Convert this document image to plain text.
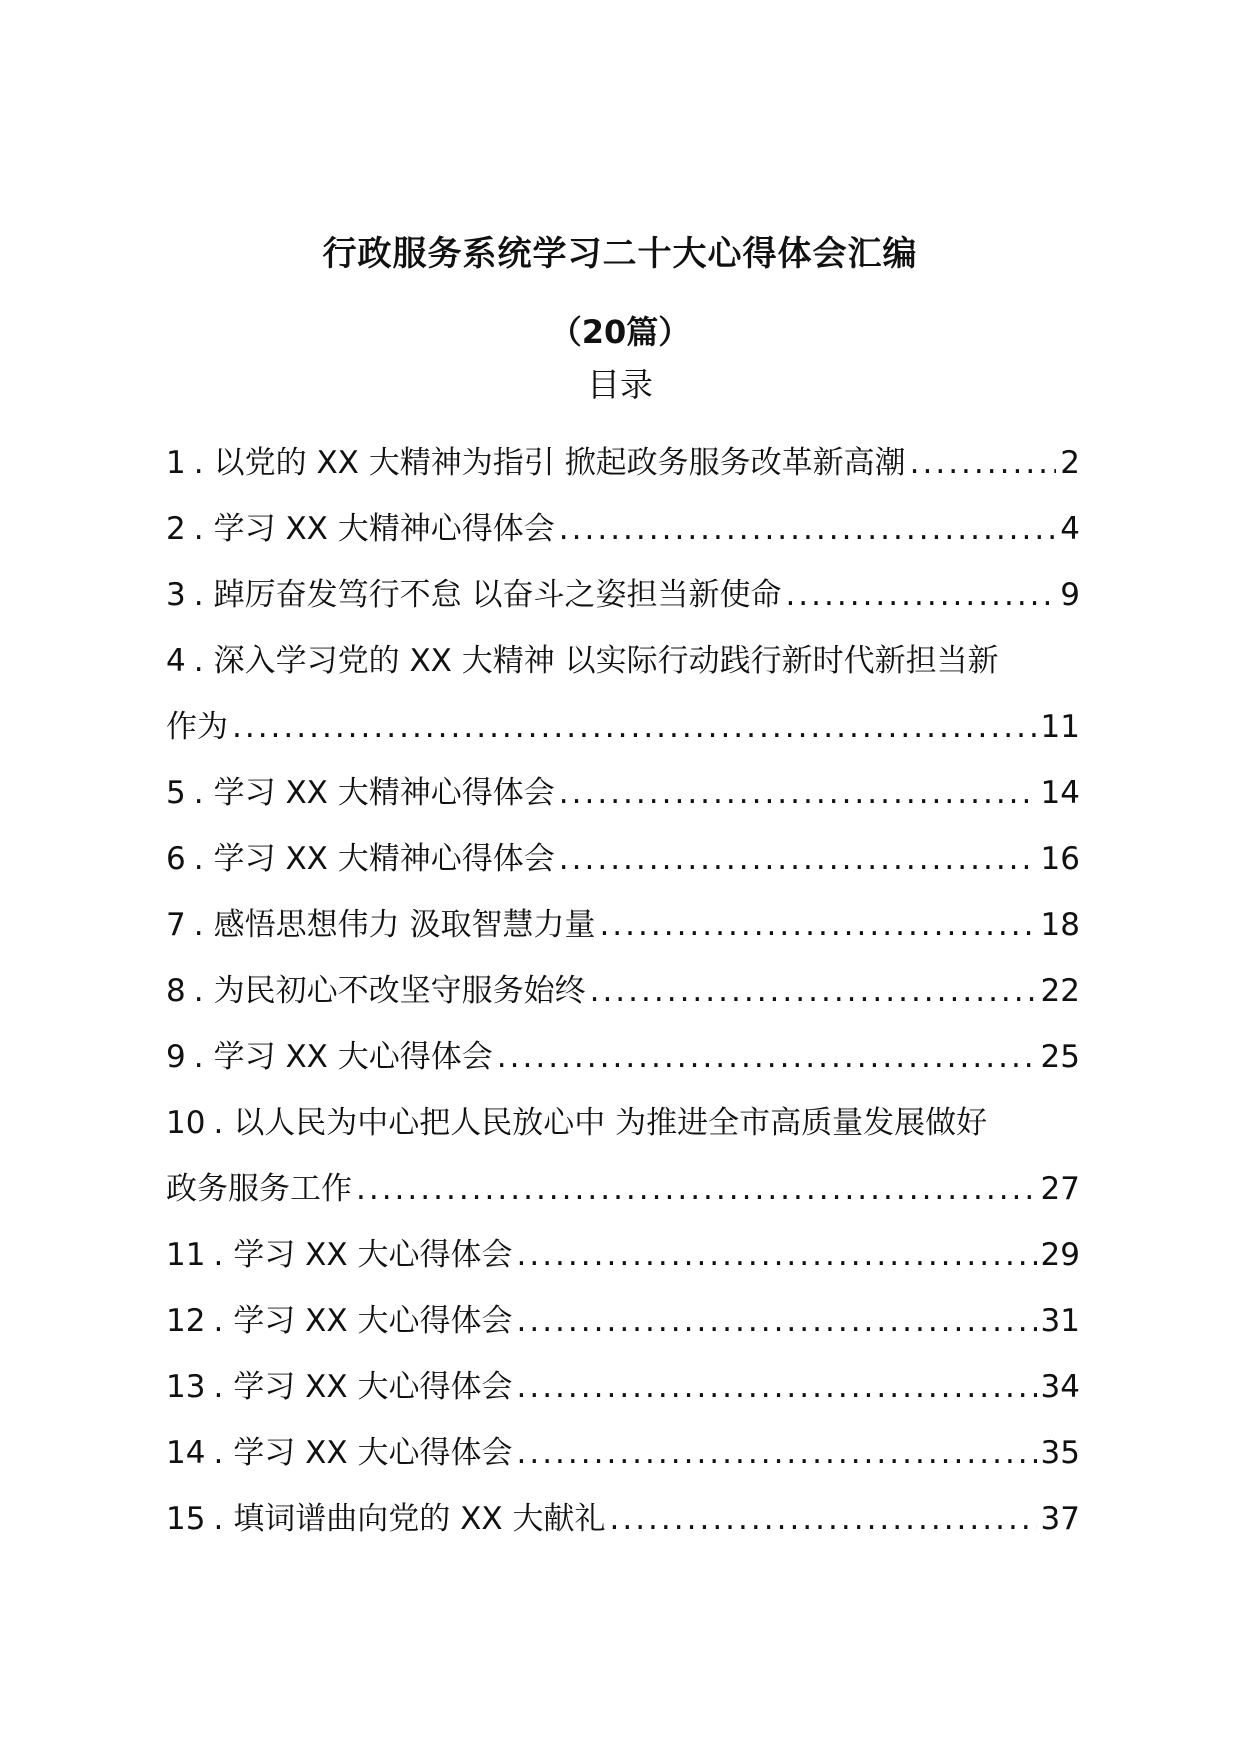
行政服务系统学习二十大心得体会汇编
（20篇）
目录
1 . 以党的 XX 大精神为指引 掀起政务服务改革新高潮 .....	2
2 . 学习 XX 大精神心得体会 .....	4
3 . 踔厉奋发笃行不怠 以奋斗之姿担当新使命 .....	9
4 . 深入学习党的 XX 大精神 以实际行动践行新时代新担当新
作为 .....	11
5 . 学习 XX 大精神心得体会 .....	14
6 . 学习 XX 大精神心得体会 .....	16
7 . 感悟思想伟力 汲取智慧力量 .....	18
8 . 为民初心不改坚守服务始终 .....	22
9 . 学习 XX 大心得体会 .....	25
10 . 以人民为中心把人民放心中 为推进全市高质量发展做好
政务服务工作 .....	27
11 . 学习 XX 大心得体会 .....	29
12 . 学习 XX 大心得体会 .....	31
13 . 学习 XX 大心得体会 .....	34
14 . 学习 XX 大心得体会 .....	35
15 . 填词谱曲向党的 XX 大献礼 .....	37
